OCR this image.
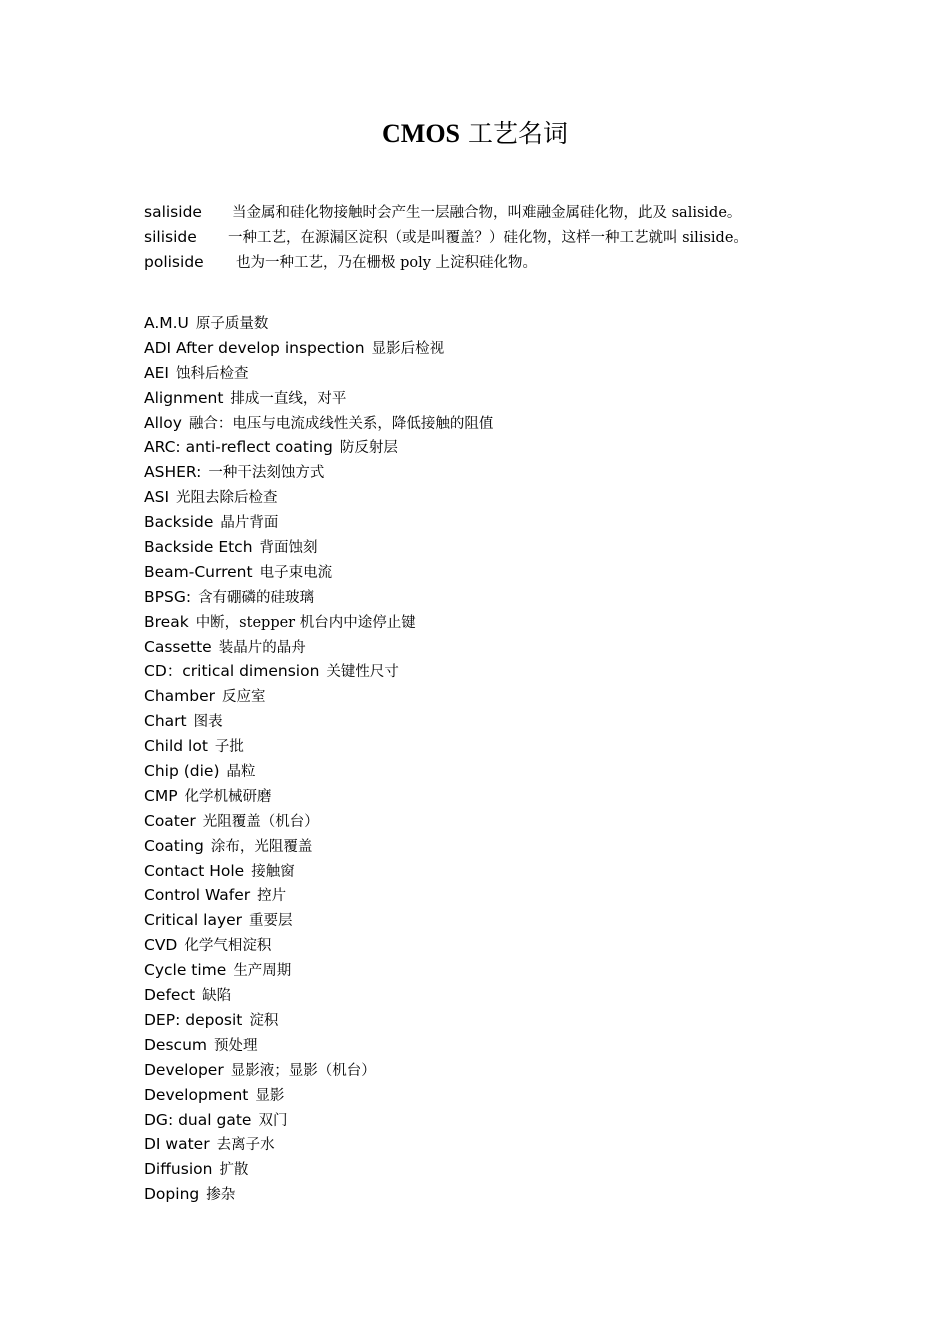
CMOS 工艺名词
saliside 当金属和硅化物接触时会产生一层融合物，叫难融金属硅化物，此及 saliside。
siliside 一种工艺，在源漏区淀积（或是叫覆盖？）硅化物，这样一种工艺就叫 siliside。
poliside 也为一种工艺，乃在栅极 poly 上淀积硅化物。
A.M.U 原子质量数
ADI After develop inspection 显影后检视
AEI 蚀科后检查
Alignment 排成一直线，对平
Alloy 融合：电压与电流成线性关系，降低接触的阻值
ARC: anti-reflect coating 防反射层
ASHER: 一种干法刻蚀方式
ASI 光阻去除后检查
Backside 晶片背面
Backside Etch 背面蚀刻
Beam-Current 电子束电流
BPSG: 含有硼磷的硅玻璃
Break 中断，stepper 机台内中途停止键
Cassette 装晶片的晶舟
CD：critical dimension 关键性尺寸
Chamber 反应室
Chart 图表
Child lot 子批
Chip (die) 晶粒
CMP 化学机械研磨
Coater 光阻覆盖（机台）
Coating 涂布，光阻覆盖
Contact Hole 接触窗
Control Wafer 控片
Critical layer 重要层
CVD 化学气相淀积
Cycle time 生产周期
Defect 缺陷
DEP: deposit 淀积
Descum 预处理
Developer 显影液；显影（机台）
Development 显影
DG: dual gate 双门
DI water 去离子水
Diffusion 扩散
Doping 掺杂
